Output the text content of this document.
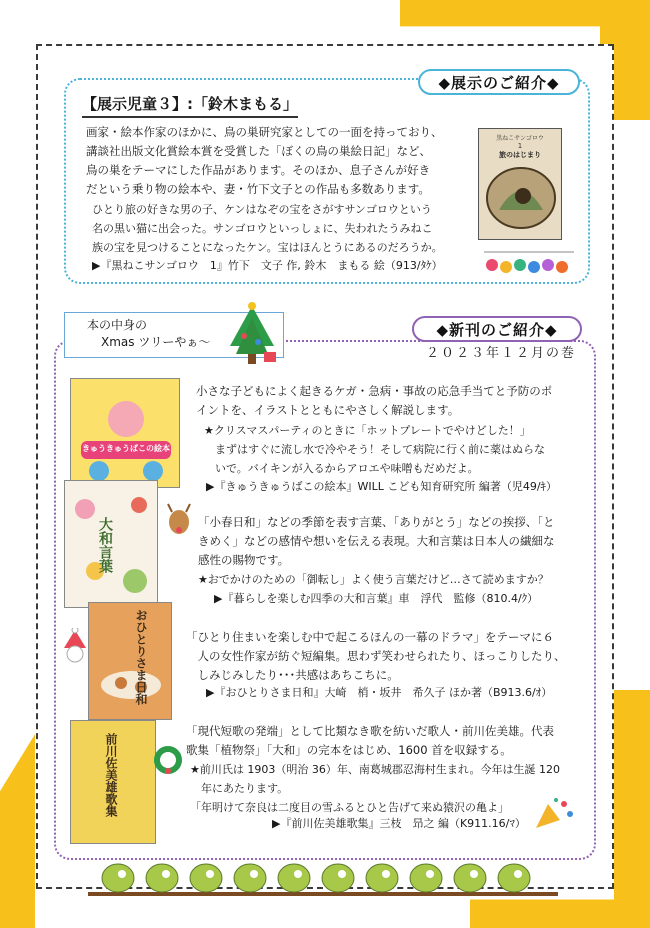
◆展示のご紹介◆
【展示児童３】:「鈴木まもる」
画家・絵本作家のほかに、鳥の巣研究家としての一面を持っており、
講談社出版文化賞絵本賞を受賞した「ぼくの鳥の巣絵日記」など、
鳥の巣をテーマにした作品があります。そのほか、息子さんが好き
だという乗り物の絵本や、妻・竹下文子との作品も多数あります。
ひとり旅の好きな男の子、ケンはなぞの宝をさがすサンゴロウという
名の黒い猫に出会った。サンゴロウといっしょに、失われたうみねこ
族の宝を見つけることになったケン。宝はほんとうにあるのだろうか。
▶『黒ねこサンゴロウ　1』竹下　文子 作, 鈴木　まもる 絵（913/ﾀｹ）
黒ねこサンゴロウ
1
旅のはじまり
◆新刊のご紹介◆
２０２３年１２月の巻
本の中身の
Xmas ツリーやぁ～
きゅうきゅうばこの絵本
小さな子どもによく起きるケガ・急病・事故の応急手当てと予防のポ
イントを、イラストとともにやさしく解説します。
★クリスマスパーティのときに「ホットプレートでやけどした！」
　まずはすぐに流し水で冷やそう！そして病院に行く前に薬はぬらな
　いで。バイキンが入るからアロエや味噌もだめだよ。
▶『きゅうきゅうばこの絵本』WILL こども知育研究所 編著（児49/ｷ）
大和言葉	「小春日和」などの季節を表す言葉、「ありがとう」などの挨拶、「と
きめく」などの感情や想いを伝える表現。大和言葉は日本人の繊細な
感性の賜物です。
★おでかけのための「御転し」よく使う言葉だけど…さて読めますか？
▶『暮らしを楽しむ四季の大和言葉』車　浮代　監修（810.4/ｸ）
おひとりさま日和	「ひとり住まいを楽しむ中で起こるほんの一幕のドラマ」をテーマに６
　人の女性作家が紡ぐ短編集。思わず笑わせられたり、ほっこりしたり、
　しみじみしたり･･･共感はあちこちに。
▶『おひとりさま日和』大崎　梢・坂井　希久子 ほか著（B913.6/ｵ）
前川佐美雄歌集
「現代短歌の発端」として比類なき歌を紡いだ歌人・前川佐美雄。代表
歌集「植物祭」「大和」の完本をはじめ、1600 首を収録する。
★前川氏は 1903（明治 36）年、南葛城郡忍海村生まれ。今年は生誕 120
　年にあたります。
「年明けて奈良は二度目の雪ふるとひと告げて来ぬ猿沢の亀よ」
▶『前川佐美雄歌集』三枝　昻之 編（K911.16/ﾏ）
